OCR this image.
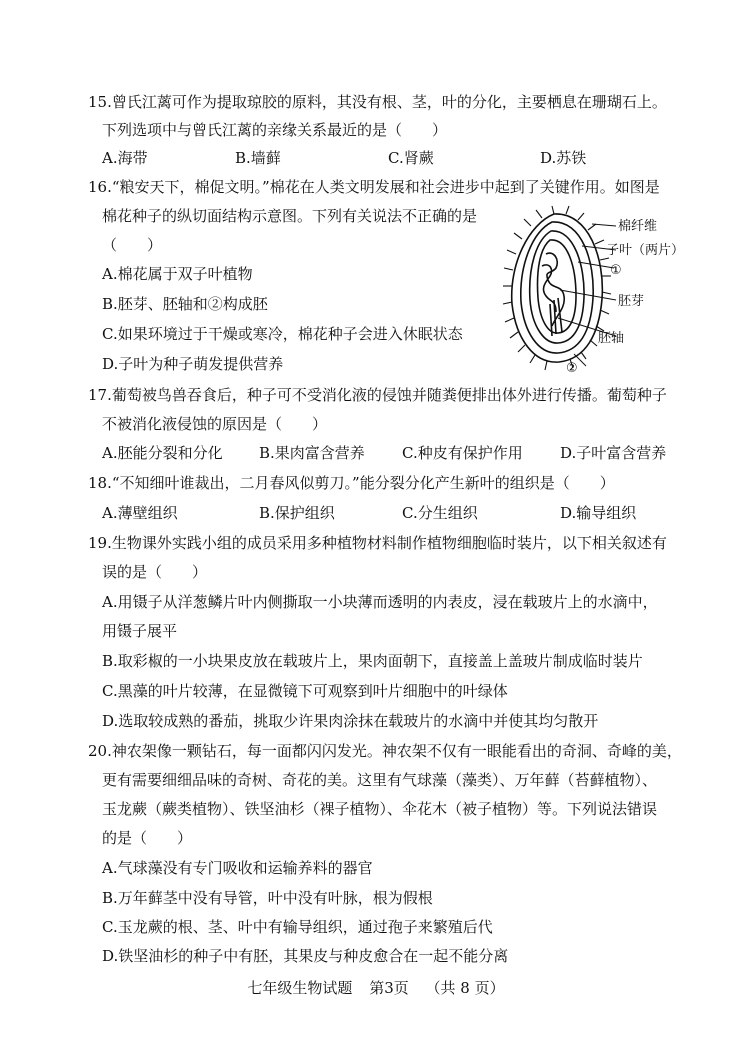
15.曾氏江蓠可作为提取琼胶的原料，其没有根、茎，叶的分化，主要栖息在珊瑚石上。
下列选项中与曾氏江蓠的亲缘关系最近的是（　　）
A.海带	B.墙藓	C.肾蕨	D.苏铁
16.“粮安天下，棉促文明。”棉花在人类文明发展和社会进步中起到了关键作用。如图是
棉花种子的纵切面结构示意图。下列有关说法不正确的是
（　　）
A.棉花属于双子叶植物
B.胚芽、胚轴和②构成胚
C.如果环境过于干燥或寒冷，棉花种子会进入休眠状态
D.子叶为种子萌发提供营养
棉纤维
子叶（两片）
①
胚芽
胚轴
②
17.葡萄被鸟兽吞食后，种子可不受消化液的侵蚀并随粪便排出体外进行传播。葡萄种子
不被消化液侵蚀的原因是（　　）
A.胚能分裂和分化 B.果肉富含营养 C.种皮有保护作用 D.子叶富含营养
18.“不知细叶谁裁出，二月春风似剪刀。”能分裂分化产生新叶的组织是（　　）
A.薄壁组织	B.保护组织	C.分生组织	D.输导组织
19.生物课外实践小组的成员采用多种植物材料制作植物细胞临时装片，以下相关叙述有
误的是（　　）
A.用镊子从洋葱鳞片叶内侧撕取一小块薄而透明的内表皮，浸在载玻片上的水滴中，
用镊子展平
B.取彩椒的一小块果皮放在载玻片上，果肉面朝下，直接盖上盖玻片制成临时装片
C.黑藻的叶片较薄，在显微镜下可观察到叶片细胞中的叶绿体
D.选取较成熟的番茄，挑取少许果肉涂抹在载玻片的水滴中并使其均匀散开
20.神农架像一颗钻石，每一面都闪闪发光。神农架不仅有一眼能看出的奇洞、奇峰的美，
更有需要细细品味的奇树、奇花的美。这里有气球藻（藻类）、万年藓（苔藓植物）、
玉龙蕨（蕨类植物）、铁坚油杉（裸子植物）、伞花木（被子植物）等。下列说法错误
的是（　　）
A.气球藻没有专门吸收和运输养料的器官
B.万年藓茎中没有导管，叶中没有叶脉，根为假根
C.玉龙蕨的根、茎、叶中有输导组织，通过孢子来繁殖后代
D.铁坚油杉的种子中有胚，其果皮与种皮愈合在一起不能分离
七年级生物试题 第3页 （共 8 页）
